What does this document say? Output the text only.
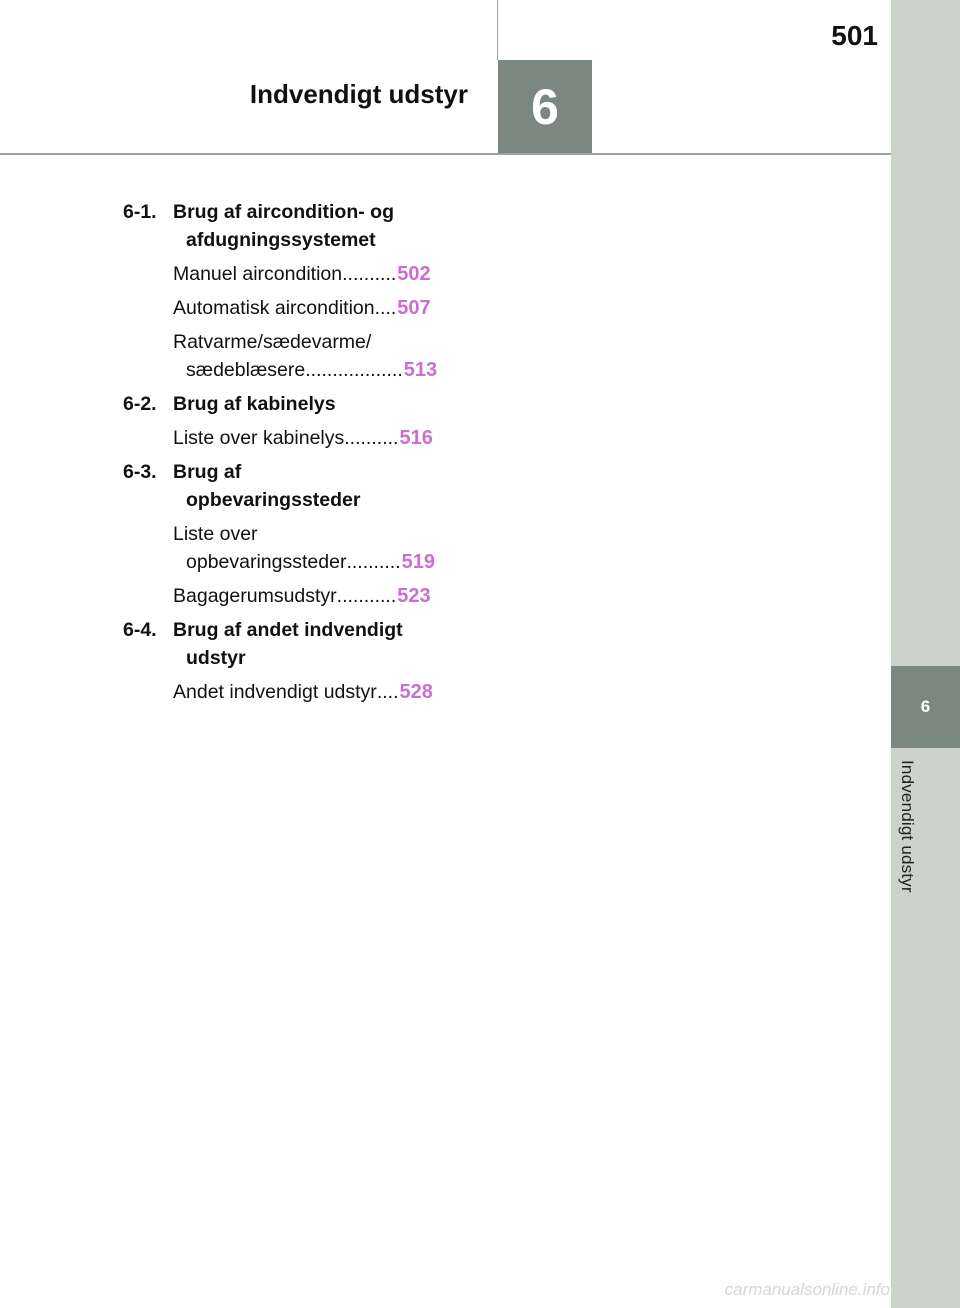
6
Indvendigt udstyr
6
501
Indvendigt udstyr
6-1. Brug af aircondition- og
afdugningssystemet
Manuel aircondition .......... 502
Automatisk aircondition .... 507
Ratvarme/sædevarme/
sædeblæsere .................. 513
6-2. Brug af kabinelys
Liste over kabinelys .......... 516
6-3. Brug af
opbevaringssteder
Liste over
opbevaringssteder .......... 519
Bagagerumsudstyr ........... 523
6-4. Brug af andet indvendigt
udstyr
Andet indvendigt udstyr .... 528
carmanualsonline.info
